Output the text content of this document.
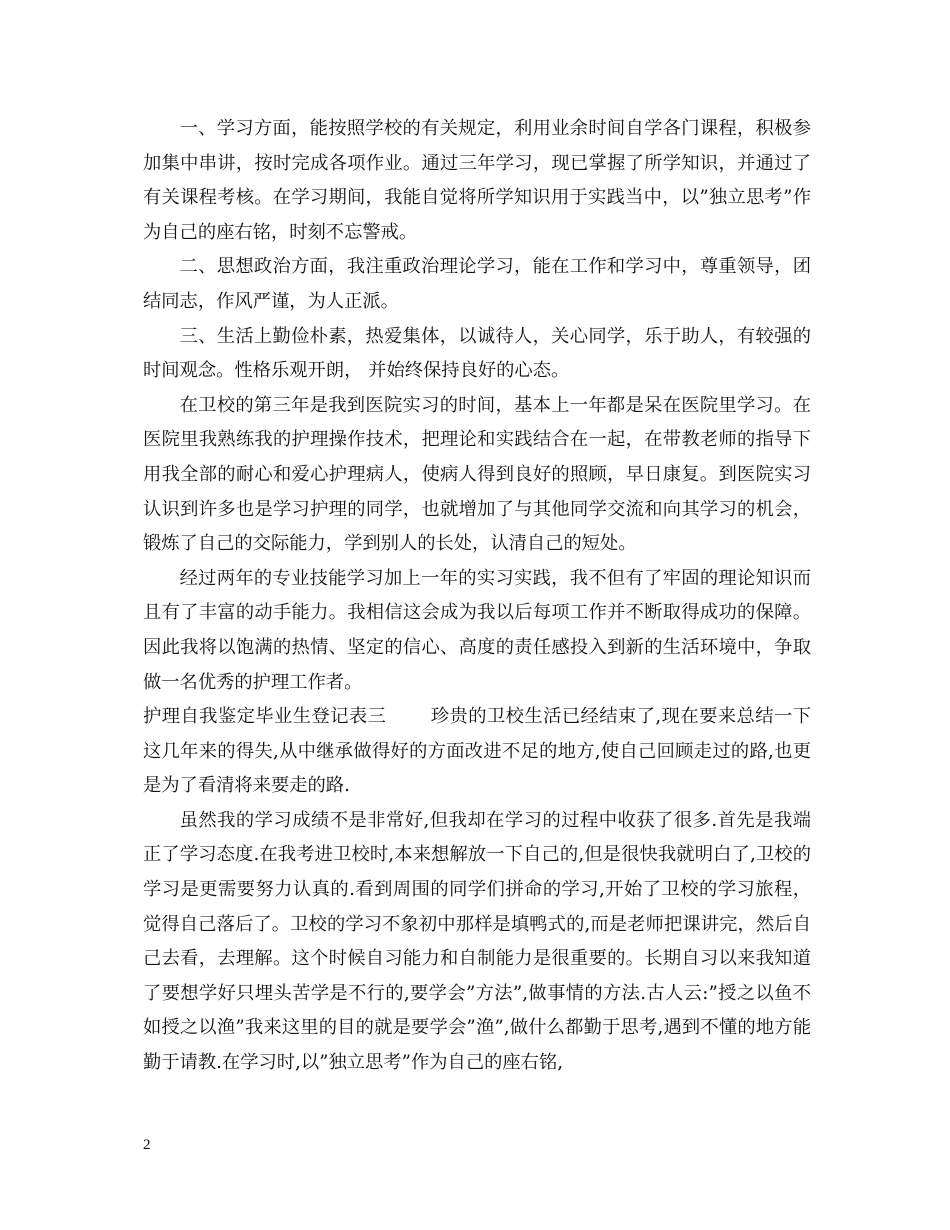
一、学习方面，能按照学校的有关规定，利用业余时间自学各门课程，积极参加集中串讲，按时完成各项作业。通过三年学习，现已掌握了所学知识，并通过了有关课程考核。在学习期间，我能自觉将所学知识用于实践当中，以”独立思考”作为自己的座右铭，时刻不忘警戒。

二、思想政治方面，我注重政治理论学习，能在工作和学习中，尊重领导，团结同志，作风严谨，为人正派。

三、生活上勤俭朴素，热爱集体，以诚待人，关心同学，乐于助人，有较强的时间观念。性格乐观开朗， 并始终保持良好的心态。

在卫校的第三年是我到医院实习的时间，基本上一年都是呆在医院里学习。在医院里我熟练我的护理操作技术，把理论和实践结合在一起，在带教老师的指导下用我全部的耐心和爱心护理病人，使病人得到良好的照顾，早日康复。到医院实习认识到许多也是学习护理的同学，也就增加了与其他同学交流和向其学习的机会，锻炼了自己的交际能力，学到别人的长处，认清自己的短处。

经过两年的专业技能学习加上一年的实习实践，我不但有了牢固的理论知识而且有了丰富的动手能力。我相信这会成为我以后每项工作并不断取得成功的保障。因此我将以饱满的热情、坚定的信心、高度的责任感投入到新的生活环境中，争取做一名优秀的护理工作者。

护理自我鉴定毕业生登记表三 珍贵的卫校生活已经结束了,现在要来总结一下这几年来的得失,从中继承做得好的方面改进不足的地方,使自己回顾走过的路,也更是为了看清将来要走的路.

虽然我的学习成绩不是非常好,但我却在学习的过程中收获了很多.首先是我端正了学习态度.在我考进卫校时,本来想解放一下自己的,但是很快我就明白了,卫校的学习是更需要努力认真的.看到周围的同学们拼命的学习,开始了卫校的学习旅程，觉得自己落后了。卫校的学习不象初中那样是填鸭式的,而是老师把课讲完，然后自己去看，去理解。这个时候自习能力和自制能力是很重要的。长期自习以来我知道了要想学好只埋头苦学是不行的,要学会”方法”,做事情的方法.古人云:”授之以鱼不如授之以渔”我来这里的目的就是要学会”渔”,做什么都勤于思考,遇到不懂的地方能勤于请教.在学习时,以”独立思考”作为自己的座右铭,

2
